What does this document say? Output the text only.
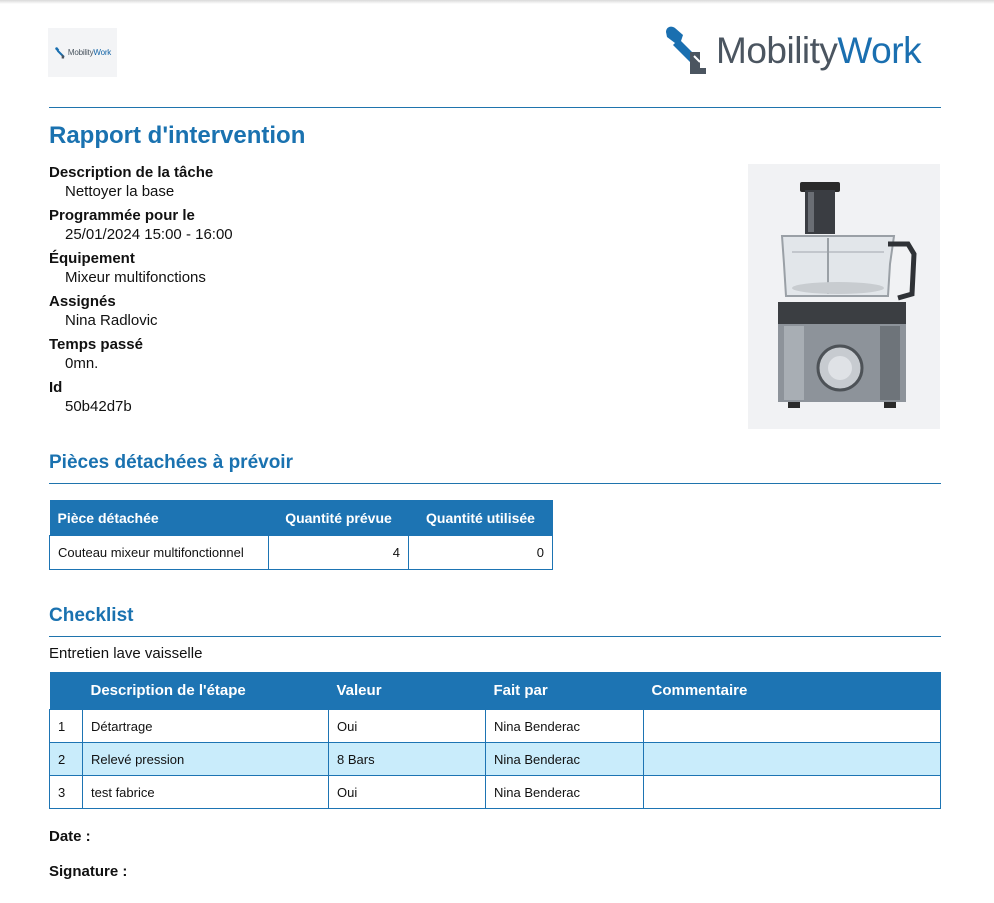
MobilityWork	MobilityWork
Rapport d'intervention
Description de la tâche
Nettoyer la base
Programmée pour le
25/01/2024 15:00 - 16:00
Équipement
Mixeur multifonctions
Assignés
Nina Radlovic
Temps passé
0mn.
Id
50b42d7b
Pièces détachées à prévoir
Pièce détachée	Quantité prévue	Quantité utilisée
Couteau mixeur multifonctionnel	4	0
Checklist
Entretien lave vaisselle
	Description de l'étape	Valeur	Fait par	Commentaire
1	Détartrage	Oui	Nina Benderac	
2	Relevé pression	8 Bars	Nina Benderac	
3	test fabrice	Oui	Nina Benderac	
Date :
Signature :
